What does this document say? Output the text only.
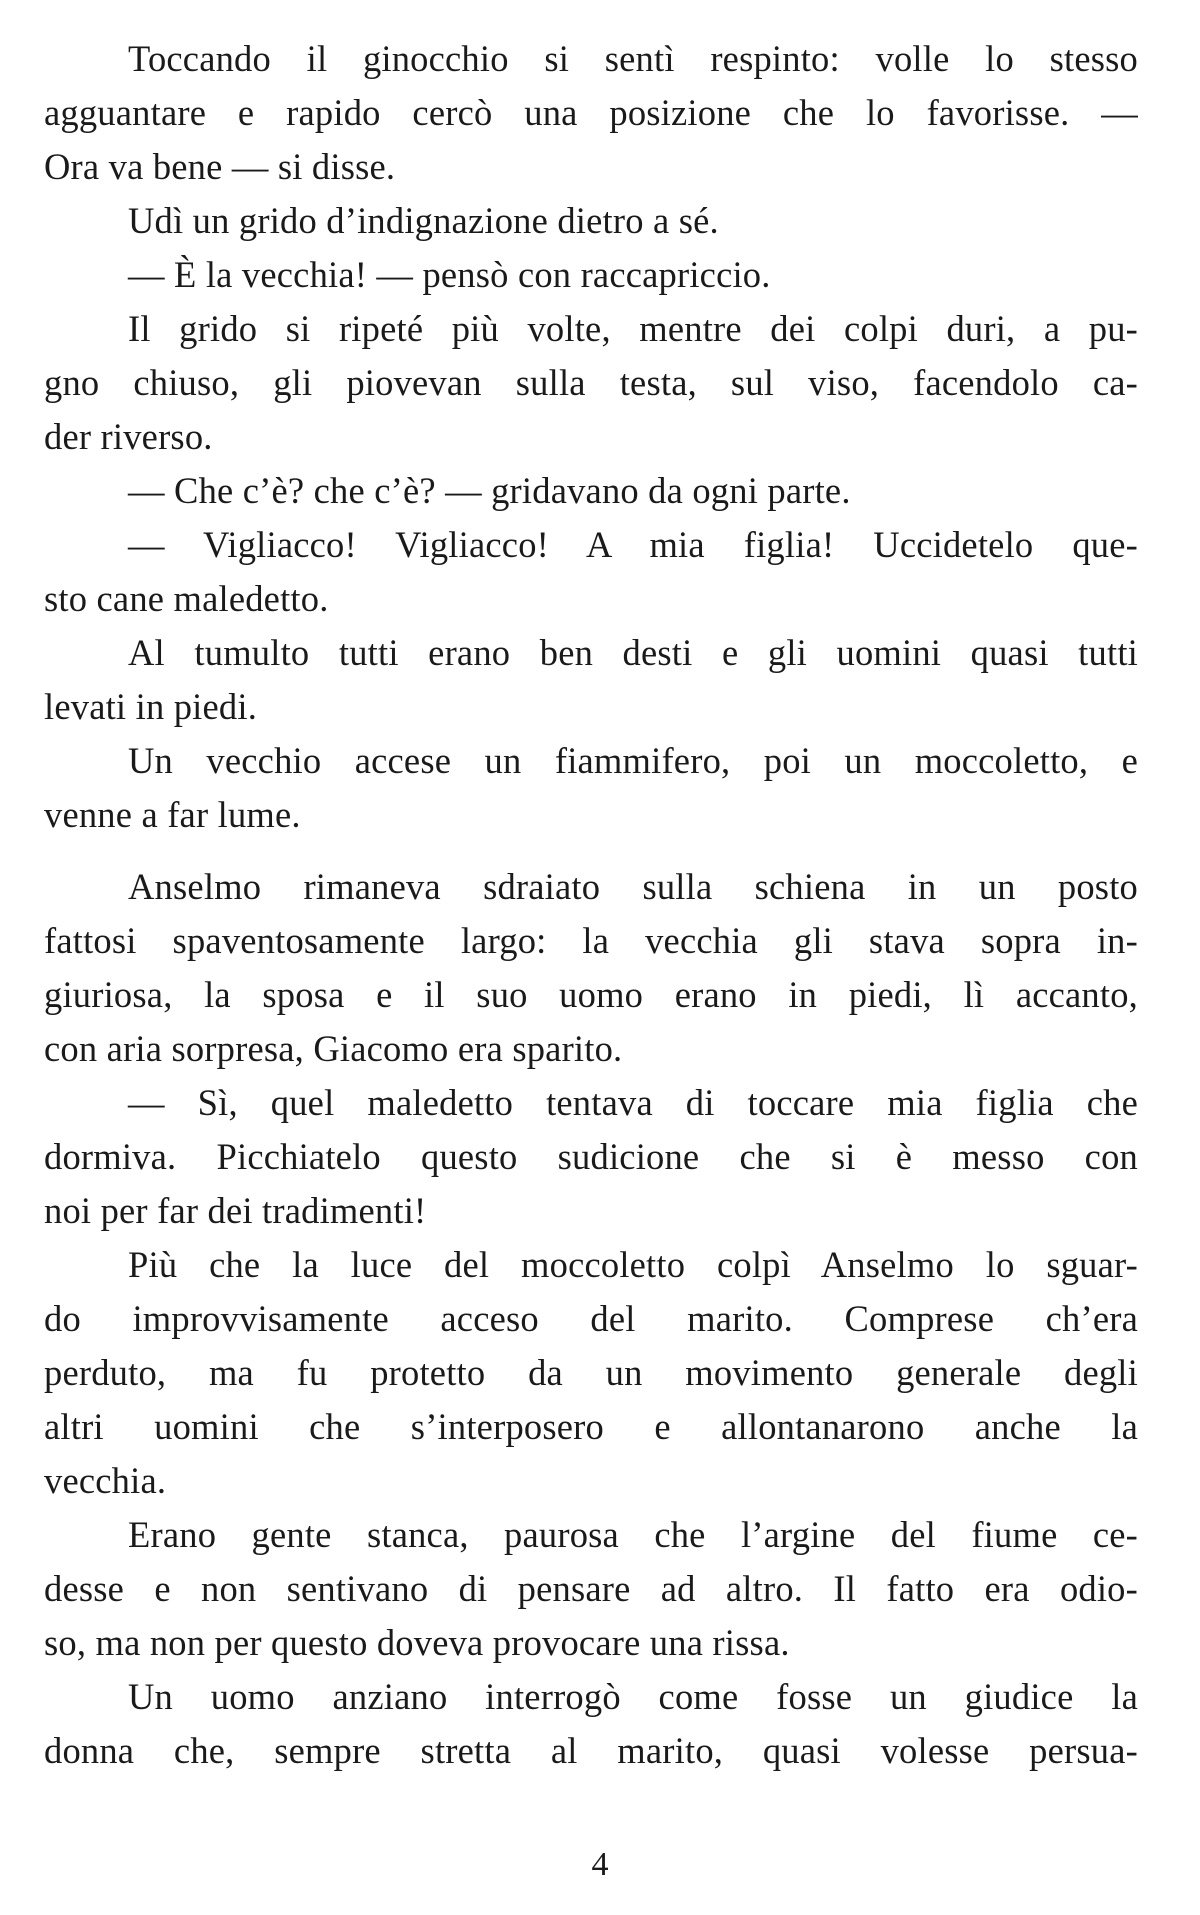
Toccando il ginocchio si sentì respinto: volle lo stesso
agguantare e rapido cercò una posizione che lo favorisse. —
Ora va bene — si disse.
Udì un grido d’indignazione dietro a sé.
— È la vecchia! — pensò con raccapriccio.
Il grido si ripeté più volte, mentre dei colpi duri, a pu-
gno chiuso, gli piovevan sulla testa, sul viso, facendolo ca-
der riverso.
— Che c’è? che c’è? — gridavano da ogni parte.
— Vigliacco! Vigliacco! A mia figlia! Uccidetelo que-
sto cane maledetto.
Al tumulto tutti erano ben desti e gli uomini quasi tutti
levati in piedi.
Un vecchio accese un fiammifero, poi un moccoletto, e
venne a far lume.
Anselmo rimaneva sdraiato sulla schiena in un posto
fattosi spaventosamente largo: la vecchia gli stava sopra in-
giuriosa, la sposa e il suo uomo erano in piedi, lì accanto,
con aria sorpresa, Giacomo era sparito.
— Sì, quel maledetto tentava di toccare mia figlia che
dormiva. Picchiatelo questo sudicione che si è messo con
noi per far dei tradimenti!
Più che la luce del moccoletto colpì Anselmo lo sguar-
do improvvisamente acceso del marito. Comprese ch’era
perduto, ma fu protetto da un movimento generale degli
altri uomini che s’interposero e allontanarono anche la
vecchia.
Erano gente stanca, paurosa che l’argine del fiume ce-
desse e non sentivano di pensare ad altro. Il fatto era odio-
so, ma non per questo doveva provocare una rissa.
Un uomo anziano interrogò come fosse un giudice la
donna che, sempre stretta al marito, quasi volesse persua-
4
